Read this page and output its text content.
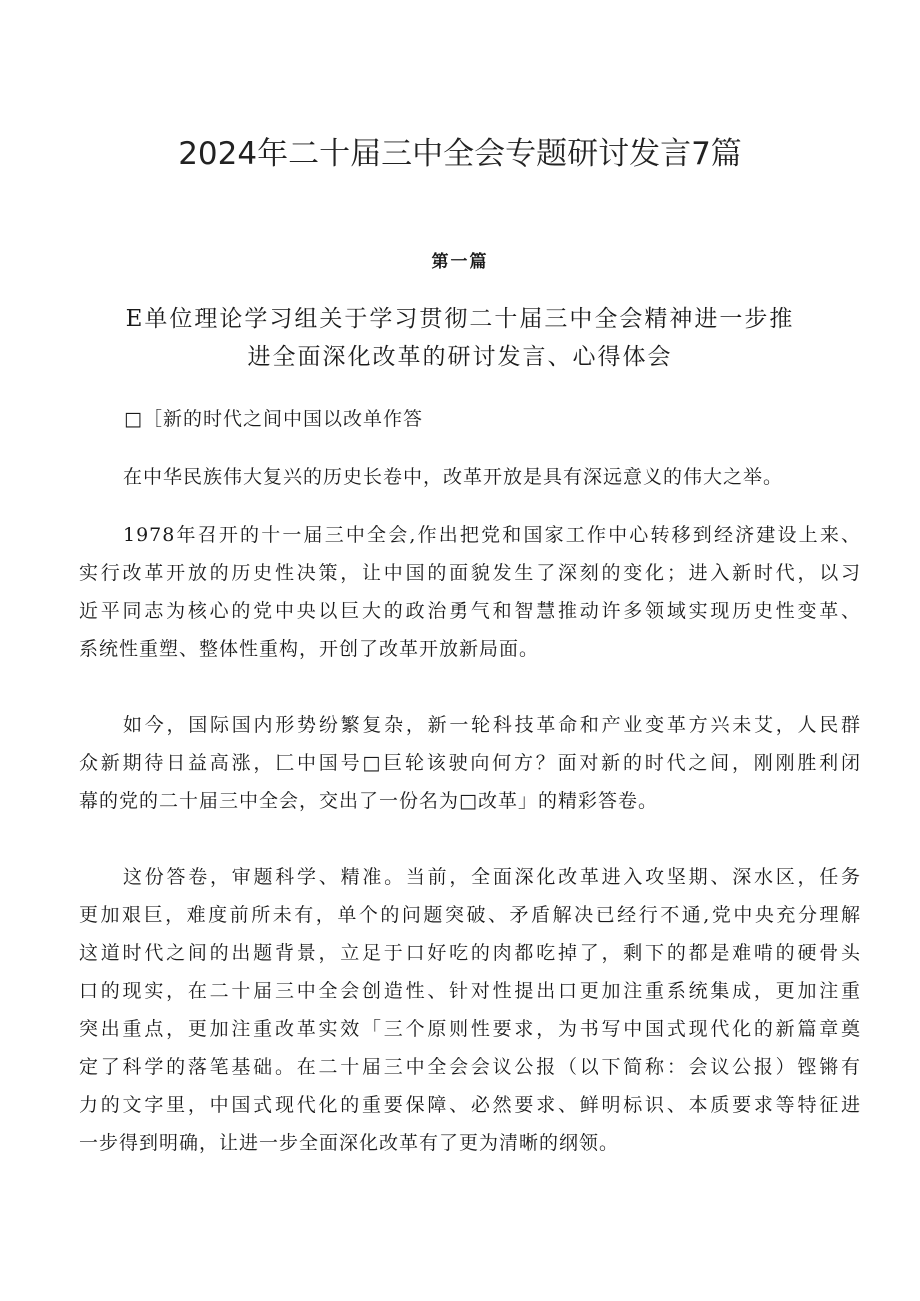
2024年二十届三中全会专题研讨发言7篇
第一篇
E单位理论学习组关于学习贯彻二十届三中全会精神进一步推
进全面深化改革的研讨发言、心得体会
□［新的时代之间中国以改单作答
在中华民族伟大复兴的历史长卷中，改革开放是具有深远意义的伟大之举。
1978年召开的十一届三中全会,作出把党和国家工作中心转移到经济建设上来、
实行改革开放的历史性决策，让中国的面貌发生了深刻的变化；进入新时代，以习
近平同志为核心的党中央以巨大的政治勇气和智慧推动许多领域实现历史性变革、
系统性重塑、整体性重构，开创了改革开放新局面。
如今，国际国内形势纷繁复杂，新一轮科技革命和产业变革方兴未艾，人民群
众新期待日益高涨，匚中国号□巨轮该驶向何方？面对新的时代之间，刚刚胜利闭
幕的党的二十届三中全会，交出了一份名为□改革」的精彩答卷。
这份答卷，审题科学、精准。当前，全面深化改革进入攻坚期、深水区，任务
更加艰巨，难度前所未有，单个的问题突破、矛盾解决已经行不通,党中央充分理解
这道时代之间的出题背景，立足于口好吃的肉都吃掉了，剩下的都是难啃的硬骨头
口的现实，在二十届三中全会创造性、针对性提出口更加注重系统集成，更加注重
突出重点，更加注重改革实效「三个原则性要求，为书写中国式现代化的新篇章奠
定了科学的落笔基础。在二十届三中全会会议公报（以下简称：会议公报）铿锵有
力的文字里，中国式现代化的重要保障、必然要求、鲜明标识、本质要求等特征进
一步得到明确，让进一步全面深化改革有了更为清晰的纲领。
